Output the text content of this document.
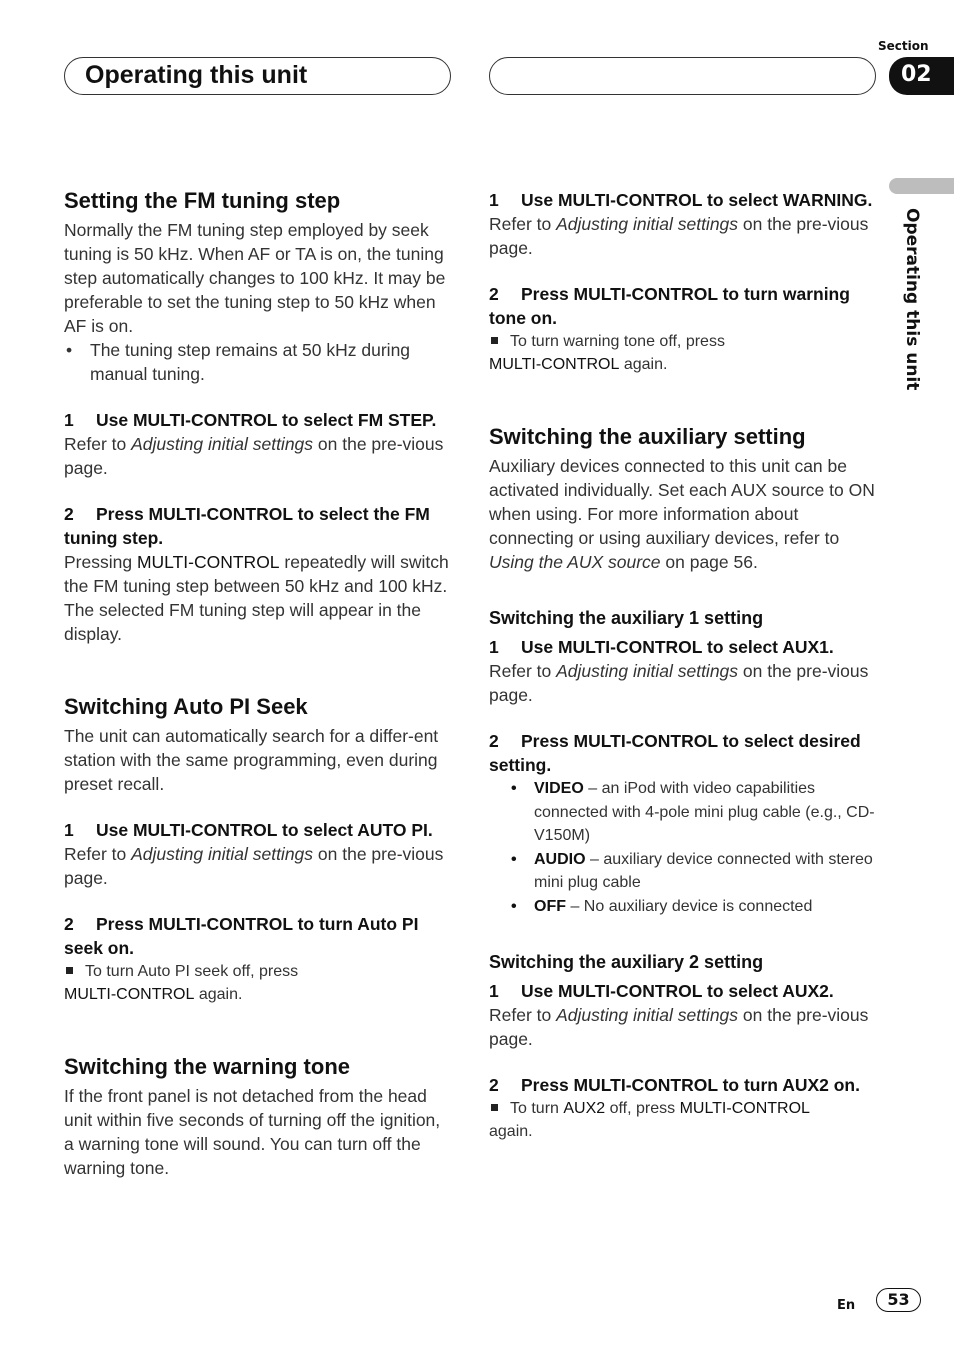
Operating this unit
Section
02
Operating this unit
Setting the FM tuning step

Normally the FM tuning step employed by seek tuning is 50 kHz. When AF or TA is on, the tuning step automatically changes to 100 kHz. It may be preferable to set the tuning step to 50 kHz when AF is on.

• The tuning step remains at 50 kHz during manual tuning.
1 Use MULTI-CONTROL to select FM STEP.

Refer to Adjusting initial settings on the pre-vious page.

2 Press MULTI-CONTROL to select the FM tuning step.

Pressing MULTI-CONTROL repeatedly will switch the FM tuning step between 50 kHz and 100 kHz. The selected FM tuning step will appear in the display.

Switching Auto PI Seek

The unit can automatically search for a differ-ent station with the same programming, even during preset recall.

1 Use MULTI-CONTROL to select AUTO PI.

Refer to Adjusting initial settings on the pre-vious page.

2 Press MULTI-CONTROL to turn Auto PI seek on.

To turn Auto PI seek off, press
MULTI-CONTROL again.

Switching the warning tone

If the front panel is not detached from the head unit within five seconds of turning off the ignition, a warning tone will sound. You can turn off the warning tone.

1 Use MULTI-CONTROL to select WARNING.

Refer to Adjusting initial settings on the pre-vious page.

2 Press MULTI-CONTROL to turn warning tone on.

To turn warning tone off, press
MULTI-CONTROL again.

Switching the auxiliary setting

Auxiliary devices connected to this unit can be activated individually. Set each AUX source to ON when using. For more information about connecting or using auxiliary devices, refer to Using the AUX source on page 56.

Switching the auxiliary 1 setting
1 Use MULTI-CONTROL to select AUX1.

Refer to Adjusting initial settings on the pre-vious page.

2 Press MULTI-CONTROL to select desired setting.
• VIDEO – an iPod with video capabilities connected with 4-pole mini plug cable (e.g., CD-V150M)
• AUDIO – auxiliary device connected with stereo mini plug cable
• OFF – No auxiliary device is connected
Switching the auxiliary 2 setting
1 Use MULTI-CONTROL to select AUX2.

Refer to Adjusting initial settings on the pre-vious page.

2 Press MULTI-CONTROL to turn AUX2 on.

To turn AUX2 off, press MULTI-CONTROL
again.

En	53
